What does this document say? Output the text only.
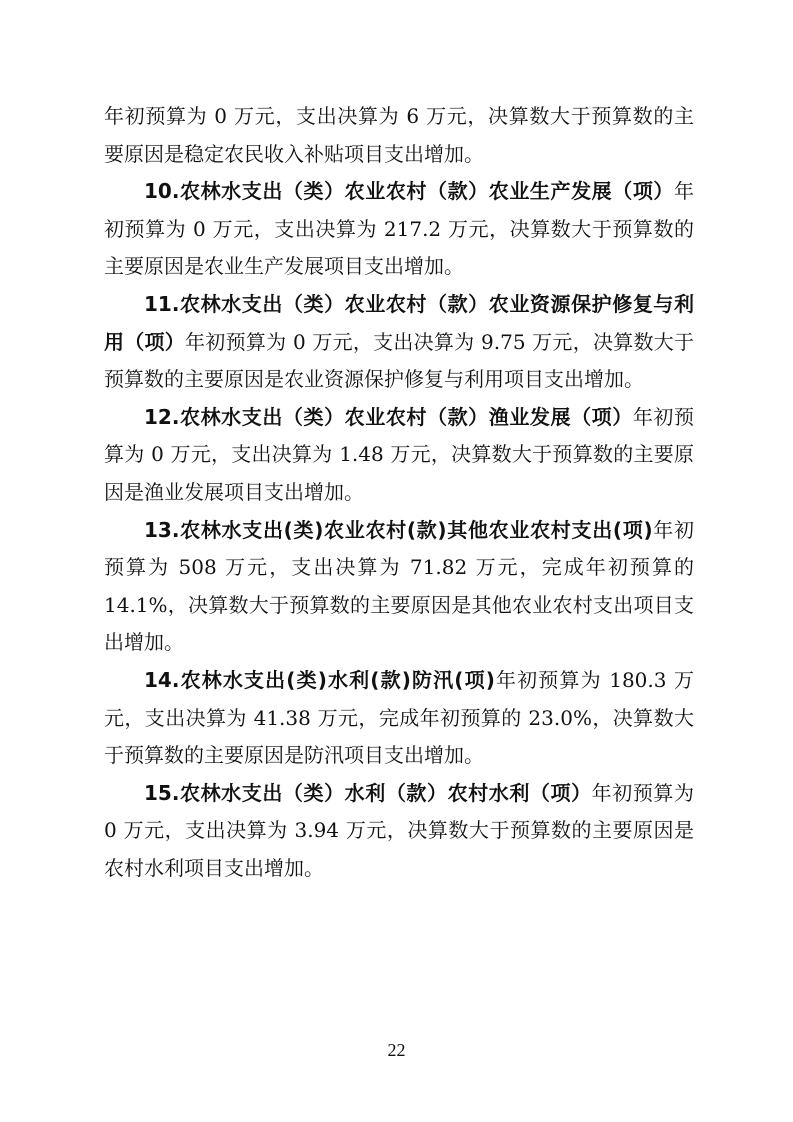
年初预算为 0 万元，支出决算为 6 万元，决算数大于预算数的主要原因是稳定农民收入补贴项目支出增加。

10.农林水支出（类）农业农村（款）农业生产发展（项）年初预算为 0 万元，支出决算为 217.2 万元，决算数大于预算数的主要原因是农业生产发展项目支出增加。

11.农林水支出（类）农业农村（款）农业资源保护修复与利用（项）年初预算为 0 万元，支出决算为 9.75 万元，决算数大于预算数的主要原因是农业资源保护修复与利用项目支出增加。

12.农林水支出（类）农业农村（款）渔业发展（项）年初预算为 0 万元，支出决算为 1.48 万元，决算数大于预算数的主要原因是渔业发展项目支出增加。

13.农林水支出(类)农业农村(款)其他农业农村支出(项)年初预算为 508 万元，支出决算为 71.82 万元，完成年初预算的 14.1%，决算数大于预算数的主要原因是其他农业农村支出项目支出增加。

14.农林水支出(类)水利(款)防汛(项)年初预算为 180.3 万元，支出决算为 41.38 万元，完成年初预算的 23.0%，决算数大于预算数的主要原因是防汛项目支出增加。

15.农林水支出（类）水利（款）农村水利（项）年初预算为 0 万元，支出决算为 3.94 万元，决算数大于预算数的主要原因是农村水利项目支出增加。

22
